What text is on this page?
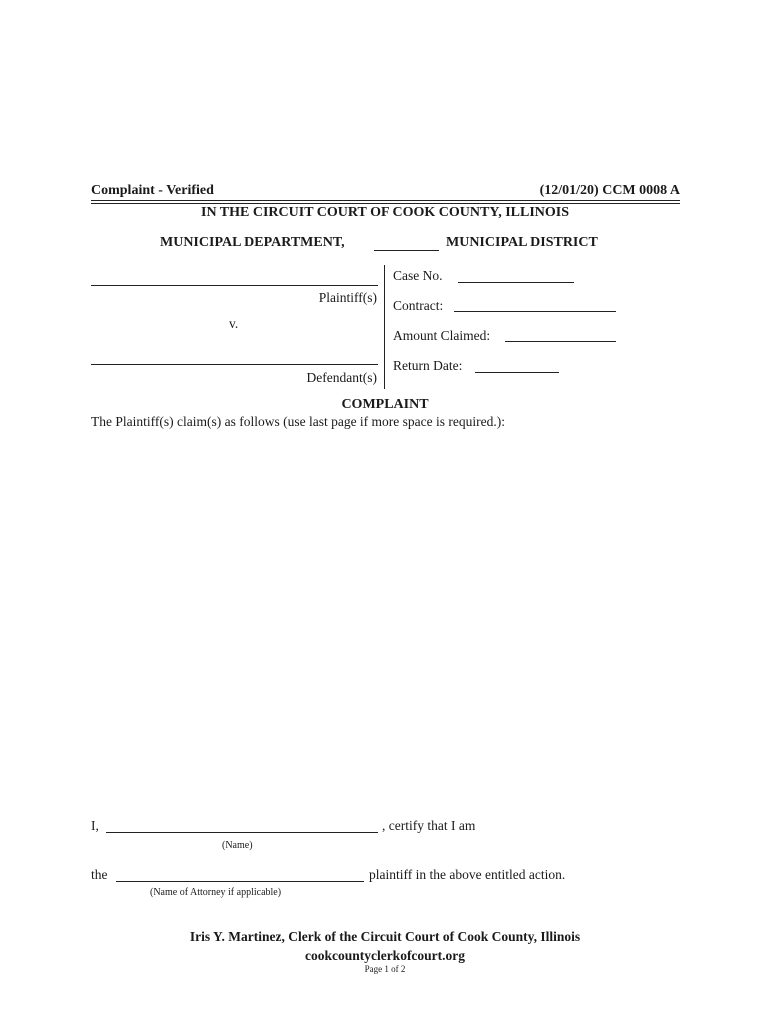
Complaint - Verified	(12/01/20) CCM 0008 A
IN THE CIRCUIT COURT OF COOK COUNTY, ILLINOIS
MUNICIPAL DEPARTMENT,	MUNICIPAL DISTRICT
Plaintiff(s)
v.
Defendant(s)
Case No.
Contract:
Amount Claimed:
Return Date:
COMPLAINT
The Plaintiff(s) claim(s) as follows (use last page if more space is required.):
I,	, certify that I am
(Name)
the	plaintiff in the above entitled action.
(Name of Attorney if applicable)
Iris Y. Martinez, Clerk of the Circuit Court of Cook County, Illinois
cookcountyclerkofcourt.org
Page 1 of 2
